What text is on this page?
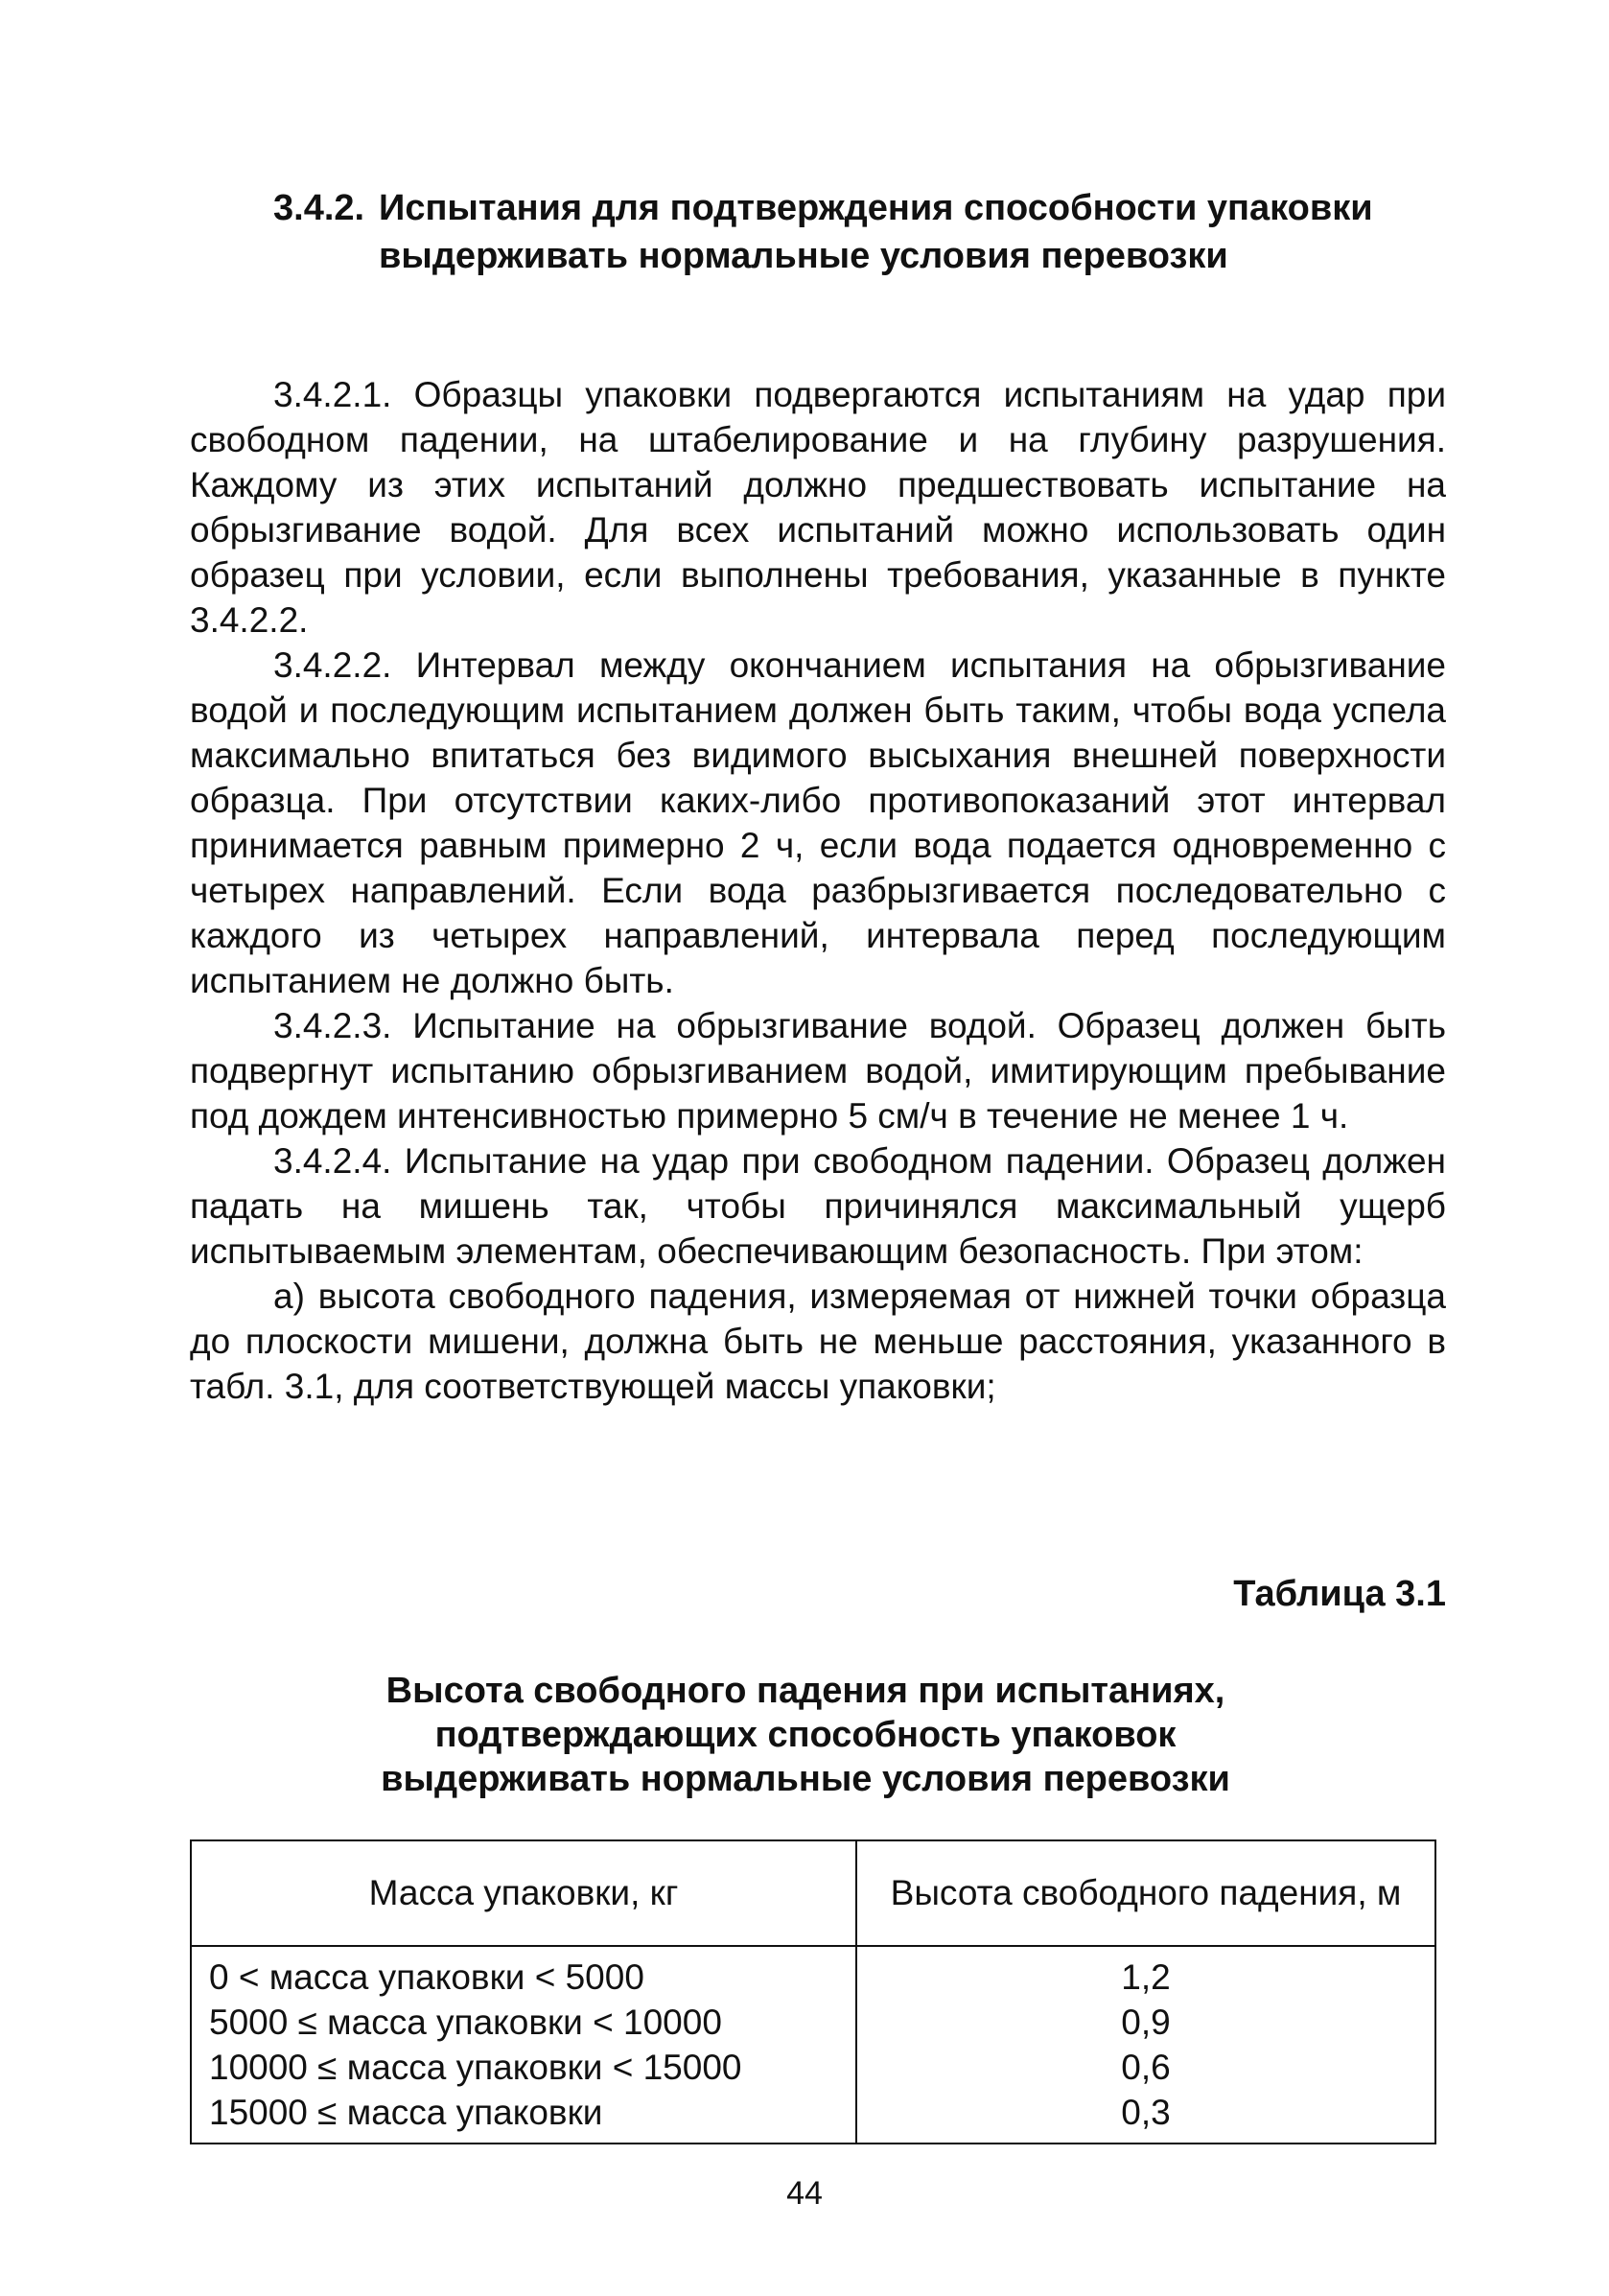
3.4.2. Испытания для подтверждения способности упаковки выдерживать нормальные условия перевозки

3.4.2.1. Образцы упаковки подвергаются испытаниям на удар при свободном падении, на штабелирование и на глубину разрушения. Каждому из этих испытаний должно предшествовать испытание на обрызгивание водой. Для всех испытаний можно использовать один образец при условии, если выполнены требования, указанные в пункте 3.4.2.2.

3.4.2.2. Интервал между окончанием испытания на обрызгивание водой и последующим испытанием должен быть таким, чтобы вода успела максимально впитаться без видимого высыхания внешней поверхности образца. При отсутствии каких-либо противопоказаний этот интервал принимается равным примерно 2 ч, если вода подается одновременно с четырех направлений. Если вода разбрызгивается последовательно с каждого из четырех направлений, интервала перед последующим испытанием не должно быть.

3.4.2.3. Испытание на обрызгивание водой. Образец должен быть подвергнут испытанию обрызгиванием водой, имитирующим пребывание под дождем интенсивностью примерно 5 см/ч в течение не менее 1 ч.

3.4.2.4. Испытание на удар при свободном падении. Образец должен падать на мишень так, чтобы причинялся максимальный ущерб испытываемым элементам, обеспечивающим безопасность. При этом:

а) высота свободного падения, измеряемая от нижней точки образца до плоскости мишени, должна быть не меньше расстояния, указанного в табл. 3.1, для соответствующей массы упаковки;

Таблица 3.1
Высота свободного падения при испытаниях,
подтверждающих способность упаковок
выдерживать нормальные условия перевозки
Масса упаковки, кг	Высота свободного падения, м
0 < масса упаковки < 5000	1,2
5000 ≤ масса упаковки < 10000	0,9
10000 ≤ масса упаковки < 15000	0,6
15000 ≤ масса упаковки	0,3
44
